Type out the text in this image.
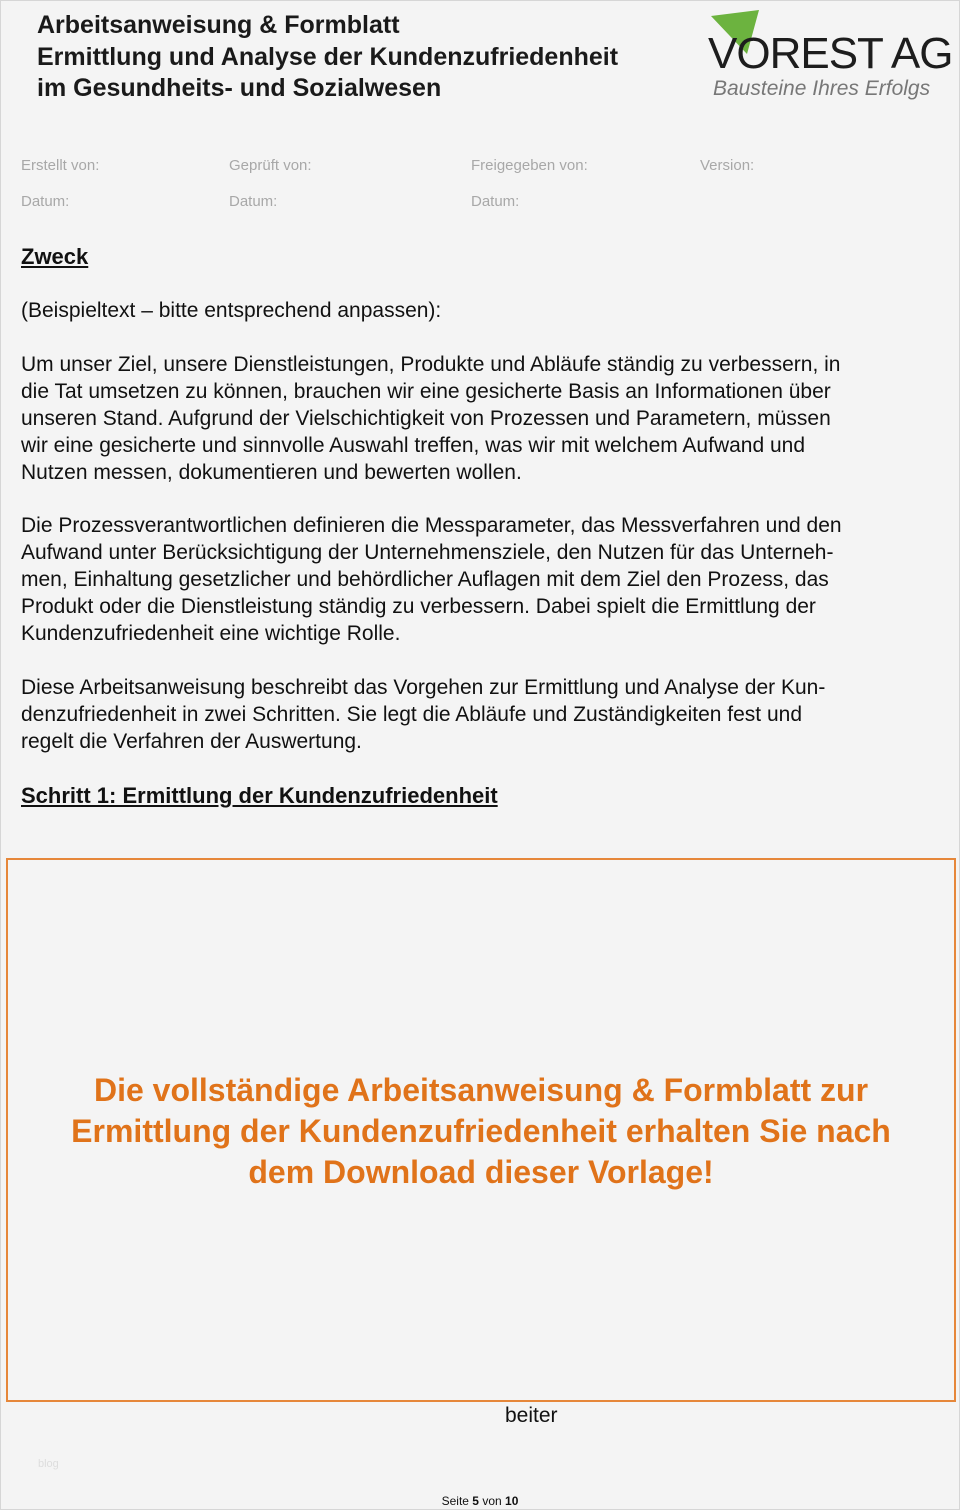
Arbeitsanweisung & Formblatt
Ermittlung und Analyse der Kundenzufriedenheit
im Gesundheits- und Sozialwesen
VOREST AG
Bausteine Ihres Erfolgs
Erstellt von:	Geprüft von:	Freigegeben von:	Version:
Datum:	Datum:	Datum:
Zweck
(Beispieltext – bitte entsprechend anpassen):
Um unser Ziel, unsere Dienstleistungen, Produkte und Abläufe ständig zu verbessern, in
die Tat umsetzen zu können, brauchen wir eine gesicherte Basis an Informationen über
unseren Stand. Aufgrund der Vielschichtigkeit von Prozessen und Parametern, müssen
wir eine gesicherte und sinnvolle Auswahl treffen, was wir mit welchem Aufwand und
Nutzen messen, dokumentieren und bewerten wollen.
Die Prozessverantwortlichen definieren die Messparameter, das Messverfahren und den
Aufwand unter Berücksichtigung der Unternehmensziele, den Nutzen für das Unterneh-
men, Einhaltung gesetzlicher und behördlicher Auflagen mit dem Ziel den Prozess, das
Produkt oder die Dienstleistung ständig zu verbessern. Dabei spielt die Ermittlung der
Kundenzufriedenheit eine wichtige Rolle.
Diese Arbeitsanweisung beschreibt das Vorgehen zur Ermittlung und Analyse der Kun-
denzufriedenheit in zwei Schritten. Sie legt die Abläufe und Zuständigkeiten fest und
regelt die Verfahren der Auswertung.
Schritt 1: Ermittlung der Kundenzufriedenheit
Die vollständige Arbeitsanweisung & Formblatt zur
Ermittlung der Kundenzufriedenheit erhalten Sie nach
dem Download dieser Vorlage!
beiter
blog
Seite 5 von 10
